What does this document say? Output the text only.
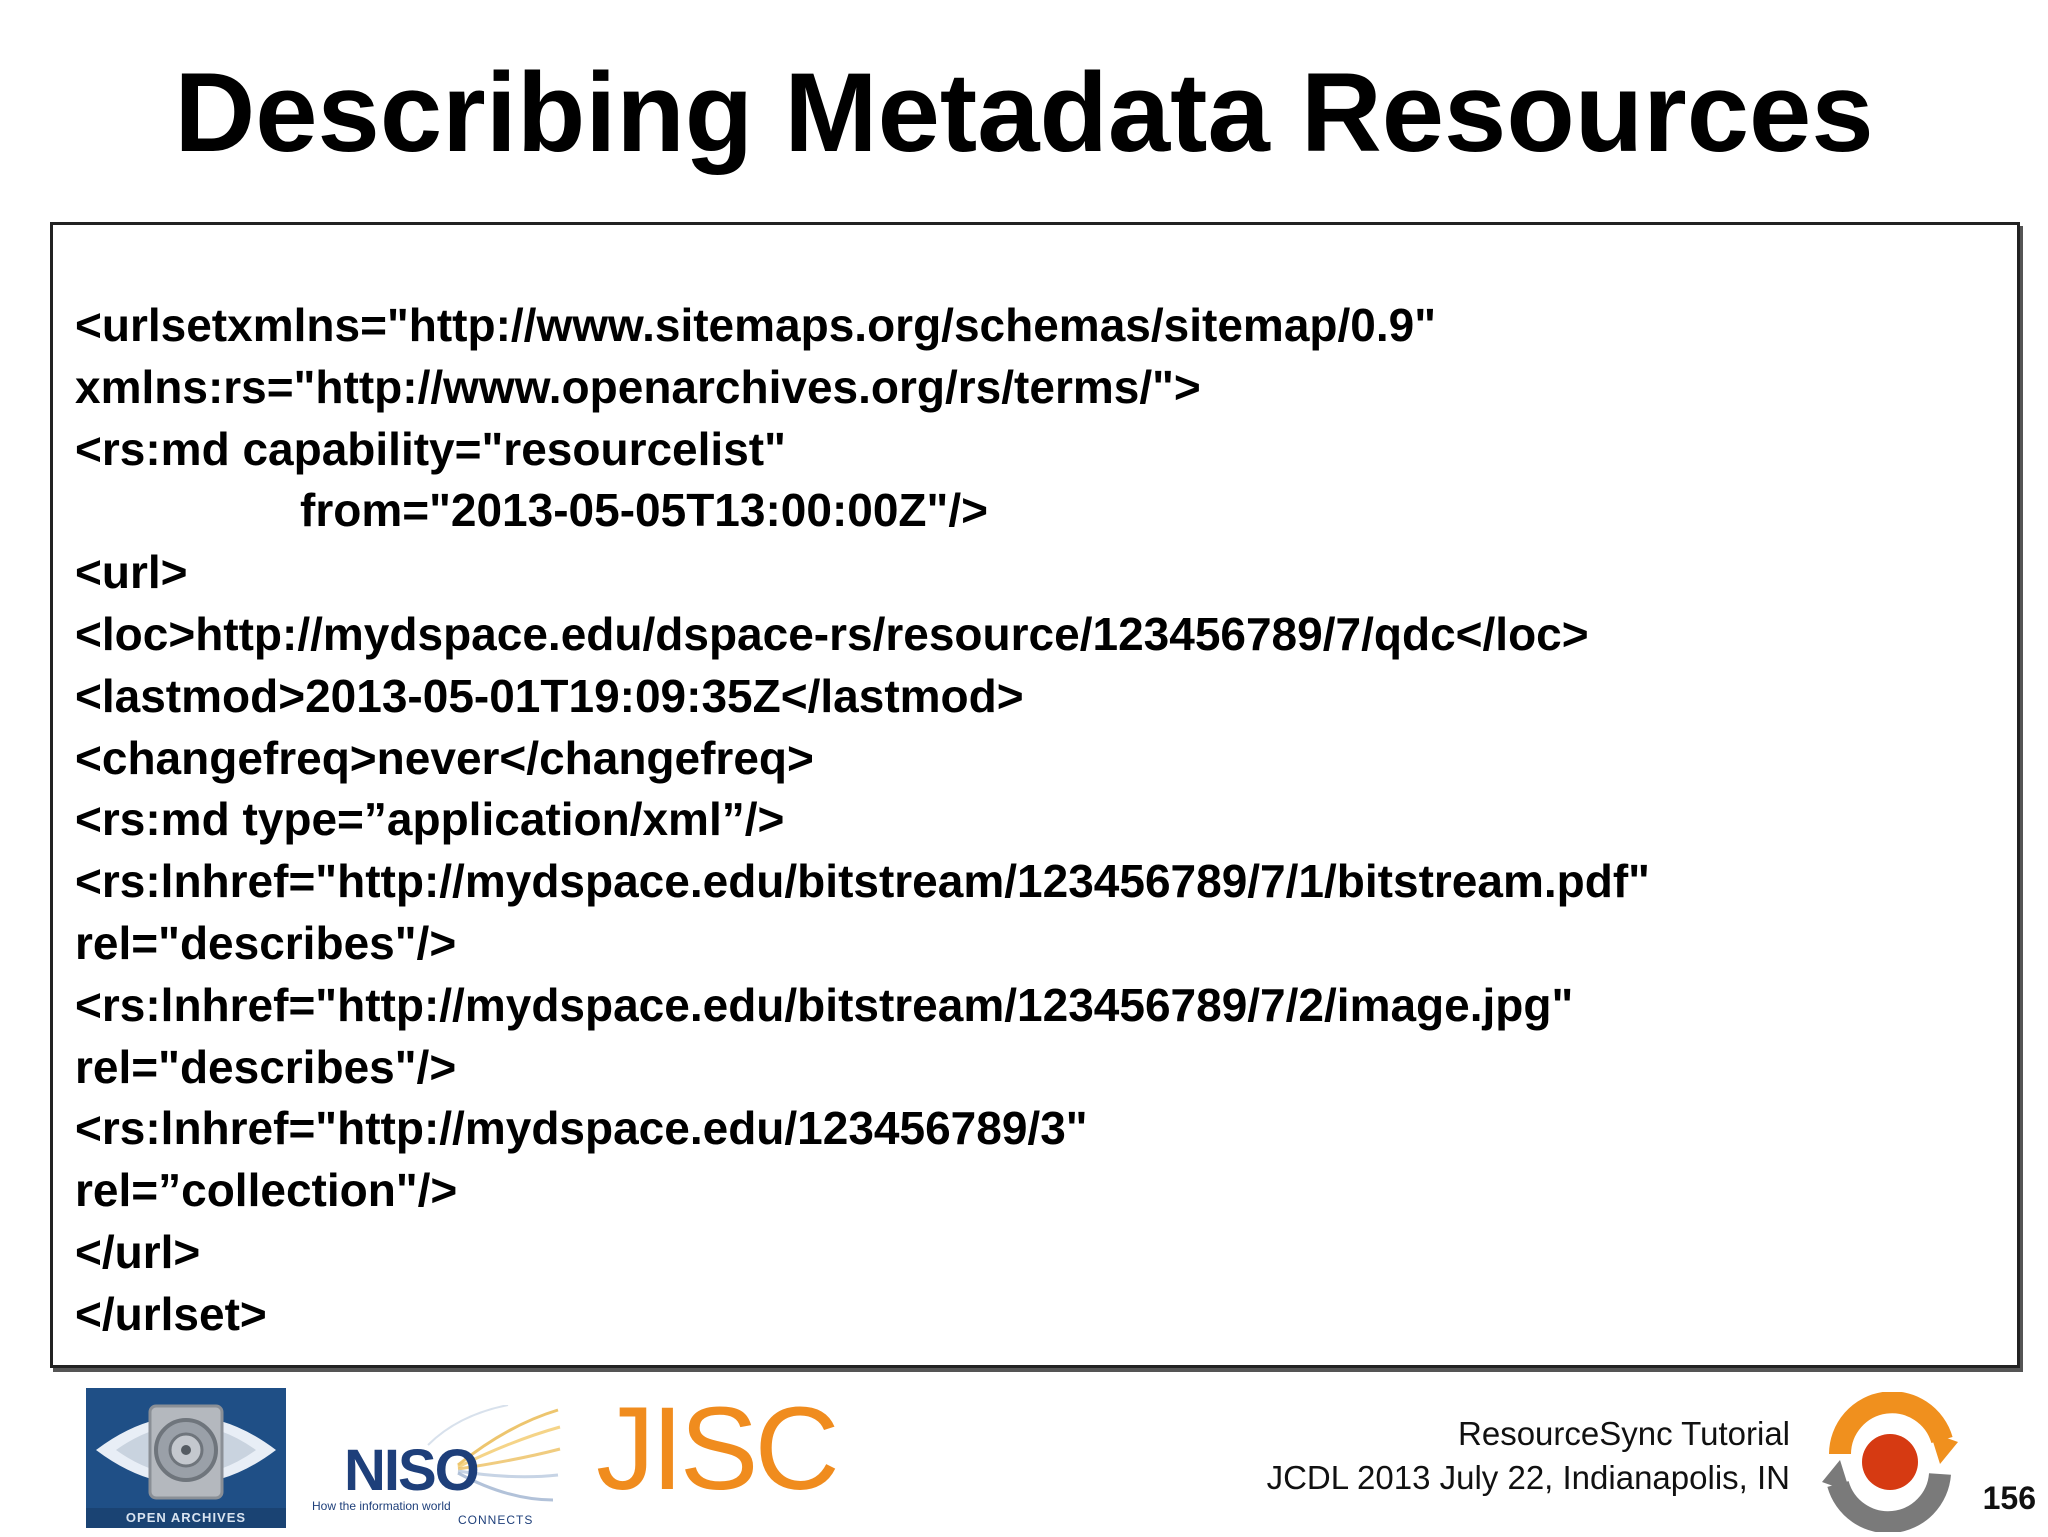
Describing Metadata Resources
<urlsetxmlns="http://www.sitemaps.org/schemas/sitemap/0.9"
xmlns:rs="http://www.openarchives.org/rs/terms/">
<rs:md capability="resourcelist"
from="2013-05-05T13:00:00Z"/>
<url>
<loc>http://mydspace.edu/dspace-rs/resource/123456789/7/qdc</loc>
<lastmod>2013-05-01T19:09:35Z</lastmod>
<changefreq>never</changefreq>
<rs:md type=”application/xml”/>
<rs:lnhref="http://mydspace.edu/bitstream/123456789/7/1/bitstream.pdf"
rel="describes"/>
<rs:lnhref="http://mydspace.edu/bitstream/123456789/7/2/image.jpg"
rel="describes"/>
<rs:lnhref="http://mydspace.edu/123456789/3"
rel=”collection"/>
</url>
</urlset>
OPEN ARCHIVES
NISO
How the information world
CONNECTS
JISC	ResourceSync Tutorial
JCDL 2013 July 22, Indianapolis, IN
156
